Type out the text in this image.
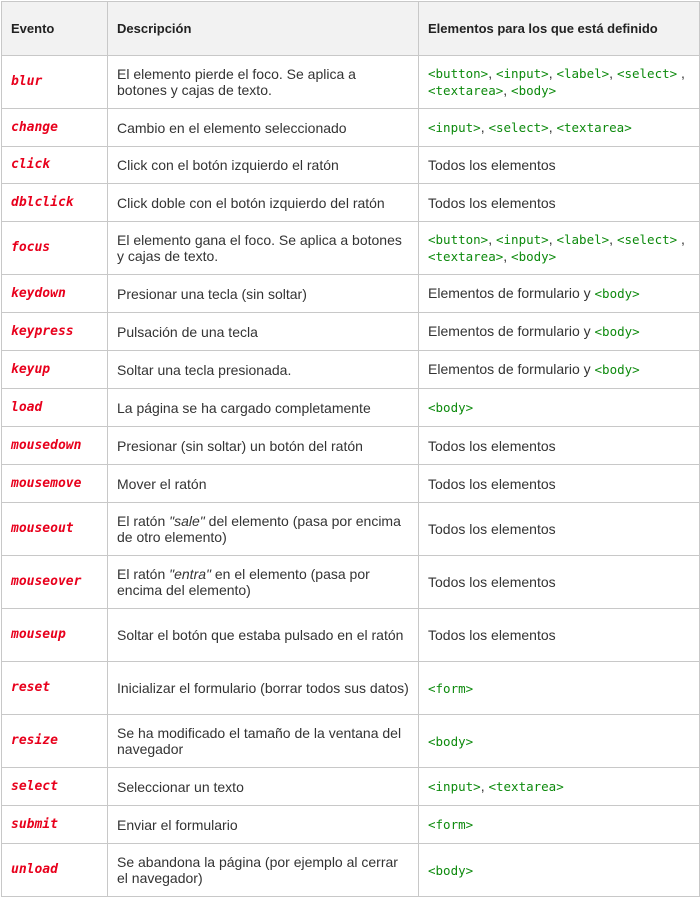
Evento	Descripción	Elementos para los que está definido
blur	El elemento pierde el foco. Se aplica a botones y cajas de texto.	<button>, <input>, <label>, <select> ,<textarea>, <body>
change	Cambio en el elemento seleccionado	<input>, <select>, <textarea>
click	Click con el botón izquierdo el ratón	Todos los elementos
dblclick	Click doble con el botón izquierdo del ratón	Todos los elementos
focus	El elemento gana el foco. Se aplica a botones y cajas de texto.	<button>, <input>, <label>, <select> ,<textarea>, <body>
keydown	Presionar una tecla (sin soltar)	Elementos de formulario y <body>
keypress	Pulsación de una tecla	Elementos de formulario y <body>
keyup	Soltar una tecla presionada.	Elementos de formulario y <body>
load	La página se ha cargado completamente	<body>
mousedown	Presionar (sin soltar) un botón del ratón	Todos los elementos
mousemove	Mover el ratón	Todos los elementos
mouseout	El ratón "sale" del elemento (pasa por encima de otro elemento)	Todos los elementos
mouseover	El ratón "entra" en el elemento (pasa por encima del elemento)	Todos los elementos
mouseup	Soltar el botón que estaba pulsado en el ratón	Todos los elementos
reset	Inicializar el formulario (borrar todos sus datos)	<form>
resize	Se ha modificado el tamaño de la ventana del navegador	<body>
select	Seleccionar un texto	<input>, <textarea>
submit	Enviar el formulario	<form>
unload	Se abandona la página (por ejemplo al cerrar el navegador)	<body>
